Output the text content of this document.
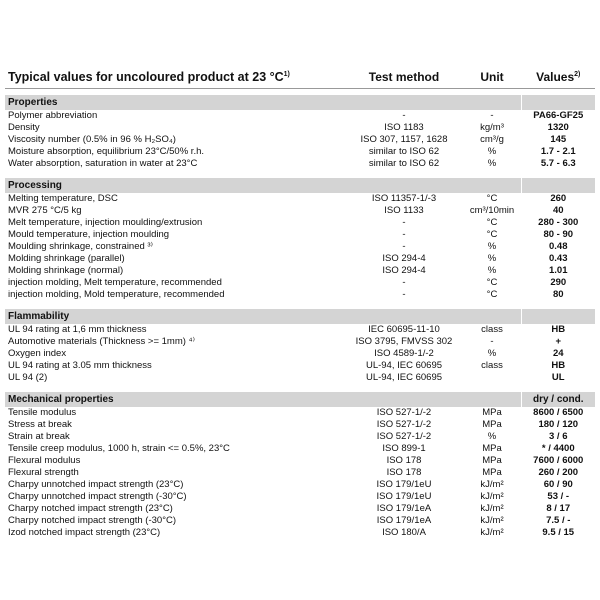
Typical values for uncoloured product at 23 $^\circ C^{1)}$	Test method	Unit	Values$^{2)}$

Properties			
Polymer abbreviation	-	-	PA66-GF25
Density	ISO 1183	kg/m³	1320
Viscosity number (0.5% in 96 % H₂SO₄)	ISO 307, 1157, 1628	cm³/g	145
Moisture absorption, equilibrium 23°C/50% r.h.	similar to ISO 62	%	1.7 - 2.1
Water absorption, saturation in water at 23°C	similar to ISO 62	%	5.7 - 6.3

Processing			
Melting temperature, DSC	ISO 11357-1/-3	°C	260
MVR 275 °C/5 kg	ISO 1133	cm³/10min	40
Melt temperature, injection moulding/extrusion	-	°C	280 - 300
Mould temperature, injection moulding	-	°C	80 - 90
Moulding shrinkage, constrained ³⁾	-	%	0.48
Molding shrinkage (parallel)	ISO 294-4	%	0.43
Molding shrinkage (normal)	ISO 294-4	%	1.01
injection molding, Melt temperature, recommended	-	°C	290
injection molding, Mold temperature, recommended	-	°C	80

Flammability			
UL 94 rating at 1,6 mm thickness	IEC 60695-11-10	class	HB
Automotive materials (Thickness >= 1mm) ⁴⁾	ISO 3795, FMVSS 302	-	+
Oxygen index	ISO 4589-1/-2	%	24
UL 94 rating at 3.05 mm thickness	UL-94, IEC 60695	class	HB
UL 94 (2)	UL-94, IEC 60695		UL

Mechanical properties			dry / cond.
Tensile modulus	ISO 527-1/-2	MPa	8600 / 6500
Stress at break	ISO 527-1/-2	MPa	180 / 120
Strain at break	ISO 527-1/-2	%	3 / 6
Tensile creep modulus, 1000 h, strain <= 0.5%, 23°C	ISO 899-1	MPa	* / 4400
Flexural modulus	ISO 178	MPa	7600 / 6000
Flexural strength	ISO 178	MPa	260 / 200
Charpy unnotched impact strength (23°C)	ISO 179/1eU	kJ/m²	60 / 90
Charpy unnotched impact strength (-30°C)	ISO 179/1eU	kJ/m²	53 / -
Charpy notched impact strength (23°C)	ISO 179/1eA	kJ/m²	8 / 17
Charpy notched impact strength (-30°C)	ISO 179/1eA	kJ/m²	7.5 / -
Izod notched impact strength (23°C)	ISO 180/A	kJ/m²	9.5 / 15
